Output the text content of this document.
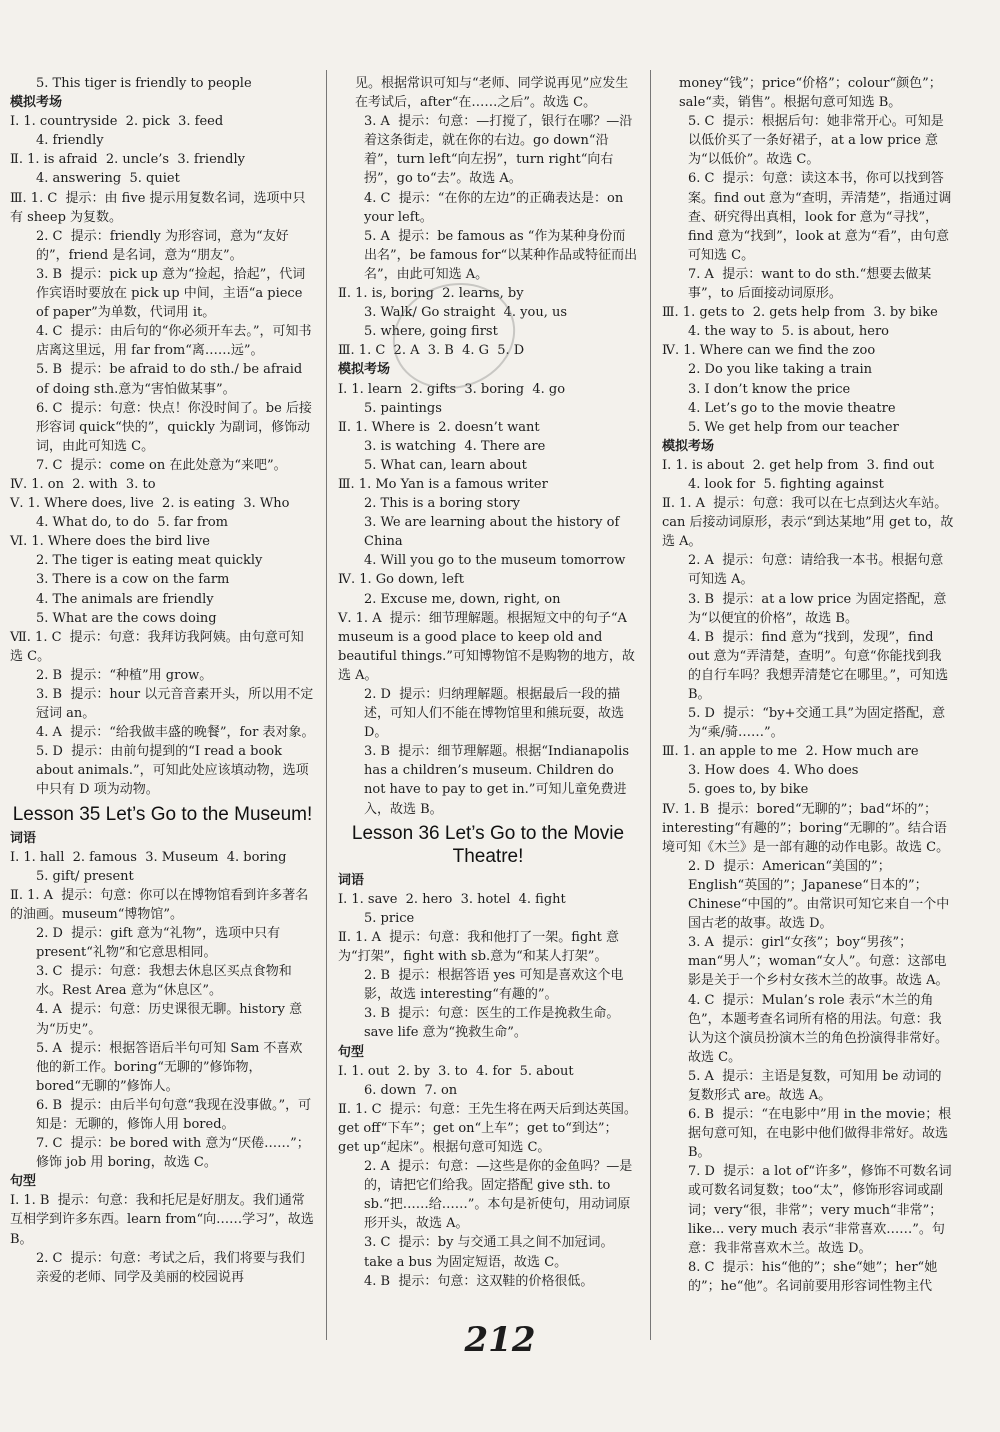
5. This tiger is friendly to people
模拟考场
Ⅰ. 1. countryside  2. pick  3. feed
4. friendly
Ⅱ. 1. is afraid  2. uncle’s  3. friendly
4. answering  5. quiet
Ⅲ. 1. C  提示：由 five 提示用复数名词，选项中只有 sheep 为复数。
2. C  提示：friendly 为形容词，意为“友好的”，friend 是名词，意为“朋友”。
3. B  提示：pick up 意为“捡起，拾起”，代词作宾语时要放在 pick up 中间，主语“a piece of paper”为单数，代词用 it。
4. C  提示：由后句的“你必须开车去。”，可知书店离这里远，用 far from“离……远”。
5. B  提示：be afraid to do sth./ be afraid of doing sth.意为“害怕做某事”。
6. C  提示：句意：快点！你没时间了。be 后接形容词 quick“快的”，quickly 为副词，修饰动词，由此可知选 C。
7. C  提示：come on 在此处意为“来吧”。
Ⅳ. 1. on  2. with  3. to
Ⅴ. 1. Where does, live  2. is eating  3. Who
4. What do, to do  5. far from
Ⅵ. 1. Where does the bird live
2. The tiger is eating meat quickly
3. There is a cow on the farm
4. The animals are friendly
5. What are the cows doing
Ⅶ. 1. C  提示：句意：我拜访我阿姨。由句意可知选 C。
2. B  提示：“种植”用 grow。
3. B  提示：hour 以元音音素开头，所以用不定冠词 an。
4. A  提示：“给我做丰盛的晚餐”，for 表对象。
5. D  提示：由前句提到的“I read a book about animals.”，可知此处应该填动物，选项中只有 D 项为动物。
Lesson 35 Let’s Go to the Museum!
词语
Ⅰ. 1. hall  2. famous  3. Museum  4. boring
5. gift/ present
Ⅱ. 1. A  提示：句意：你可以在博物馆看到许多著名的油画。museum“博物馆”。
2. D  提示：gift 意为“礼物”，选项中只有 present“礼物”和它意思相同。
3. C  提示：句意：我想去休息区买点食物和水。Rest Area 意为“休息区”。
4. A  提示：句意：历史课很无聊。history 意为“历史”。
5. A  提示：根据答语后半句可知 Sam 不喜欢他的新工作。boring“无聊的”修饰物，bored“无聊的”修饰人。
6. B  提示：由后半句句意“我现在没事做。”，可知是：无聊的，修饰人用 bored。
7. C  提示：be bored with 意为“厌倦……”；修饰 job 用 boring，故选 C。
句型
Ⅰ. 1. B  提示：句意：我和托尼是好朋友。我们通常互相学到许多东西。learn from“向……学习”，故选 B。
2. C  提示：句意：考试之后，我们将要与我们亲爱的老师、同学及美丽的校园说再
见。根据常识可知与“老师、同学说再见”应发生在考试后，after“在……之后”。故选 C。
3. A  提示：句意：—打搅了，银行在哪？—沿着这条街走，就在你的右边。go down“沿着”，turn left“向左拐”，turn right“向右拐”，go to“去”。故选 A。
4. C  提示：“在你的左边”的正确表达是：on your left。
5. A  提示：be famous as “作为某种身份而出名”，be famous for“以某种作品或特征而出名”，由此可知选 A。
Ⅱ. 1. is, boring  2. learns, by
3. Walk/ Go straight  4. you, us
5. where, going first
Ⅲ. 1. C  2. A  3. B  4. G  5. D
模拟考场
Ⅰ. 1. learn  2. gifts  3. boring  4. go
5. paintings
Ⅱ. 1. Where is  2. doesn’t want
3. is watching  4. There are
5. What can, learn about
Ⅲ. 1. Mo Yan is a famous writer
2. This is a boring story
3. We are learning about the history of China
4. Will you go to the museum tomorrow
Ⅳ. 1. Go down, left
2. Excuse me, down, right, on
Ⅴ. 1. A  提示：细节理解题。根据短文中的句子“A museum is a good place to keep old and beautiful things.”可知博物馆不是购物的地方，故选 A。
2. D  提示：归纳理解题。根据最后一段的描述，可知人们不能在博物馆里和熊玩耍，故选 D。
3. B  提示：细节理解题。根据“Indianapolis has a children’s museum. Children do not have to pay to get in.”可知儿童免费进入，故选 B。
Lesson 36 Let’s Go to the Movie Theatre!
词语
Ⅰ. 1. save  2. hero  3. hotel  4. fight
5. price
Ⅱ. 1. A  提示：句意：我和他打了一架。fight 意为“打架”，fight with sb.意为“和某人打架”。
2. B  提示：根据答语 yes 可知是喜欢这个电影，故选 interesting“有趣的”。
3. B  提示：句意：医生的工作是挽救生命。save life 意为“挽救生命”。
句型
Ⅰ. 1. out  2. by  3. to  4. for  5. about
6. down  7. on
Ⅱ. 1. C  提示：句意：王先生将在两天后到达英国。get off“下车”；get on“上车”；get to“到达”；get up“起床”。根据句意可知选 C。
2. A  提示：句意：—这些是你的金鱼吗？—是的，请把它们给我。固定搭配 give sth. to sb.“把……给……”。本句是祈使句，用动词原形开头，故选 A。
3. C  提示：by 与交通工具之间不加冠词。take a bus 为固定短语，故选 C。
4. B  提示：句意：这双鞋的价格很低。
money“钱”；price“价格”；colour“颜色”；sale“卖，销售”。根据句意可知选 B。
5. C  提示：根据后句：她非常开心。可知是以低价买了一条好裙子，at a low price 意为“以低价”。故选 C。
6. C  提示：句意：读这本书，你可以找到答案。find out 意为“查明，弄清楚”，指通过调查、研究得出真相，look for 意为“寻找”，find 意为“找到”，look at 意为“看”，由句意可知选 C。
7. A  提示：want to do sth.“想要去做某事”，to 后面接动词原形。
Ⅲ. 1. gets to  2. gets help from  3. by bike
4. the way to  5. is about, hero
Ⅳ. 1. Where can we find the zoo
2. Do you like taking a train
3. I don’t know the price
4. Let’s go to the movie theatre
5. We get help from our teacher
模拟考场
Ⅰ. 1. is about  2. get help from  3. find out
4. look for  5. fighting against
Ⅱ. 1. A  提示：句意：我可以在七点到达火车站。can 后接动词原形，表示“到达某地”用 get to，故选 A。
2. A  提示：句意：请给我一本书。根据句意可知选 A。
3. B  提示：at a low price 为固定搭配，意为“以便宜的价格”，故选 B。
4. B  提示：find 意为“找到，发现”，find out 意为“弄清楚，查明”。句意“你能找到我的自行车吗？我想弄清楚它在哪里。”，可知选 B。
5. D  提示：“by+交通工具”为固定搭配，意为“乘/骑……”。
Ⅲ. 1. an apple to me  2. How much are
3. How does  4. Who does
5. goes to, by bike
Ⅳ. 1. B  提示：bored“无聊的”；bad“坏的”；interesting“有趣的”；boring“无聊的”。结合语境可知《木兰》是一部有趣的动作电影。故选 C。
2. D  提示：American“美国的”；English“英国的”；Japanese“日本的”；Chinese“中国的”。由常识可知它来自一个中国古老的故事。故选 D。
3. A  提示：girl“女孩”；boy“男孩”；man“男人”；woman“女人”。句意：这部电影是关于一个乡村女孩木兰的故事。故选 A。
4. C  提示：Mulan’s role 表示“木兰的角色”，本题考查名词所有格的用法。句意：我认为这个演员扮演木兰的角色扮演得非常好。故选 C。
5. A  提示：主语是复数，可知用 be 动词的复数形式 are。故选 A。
6. B  提示：“在电影中”用 in the movie；根据句意可知，在电影中他们做得非常好。故选 B。
7. D  提示：a lot of“许多”，修饰不可数名词或可数名词复数；too“太”，修饰形容词或副词；very“很，非常”；very much“非常”；like... very much 表示“非常喜欢……”。句意：我非常喜欢木兰。故选 D。
8. C  提示：his“他的”；she“她”；her“她的”；he“他”。名词前要用形容词性物主代
212
